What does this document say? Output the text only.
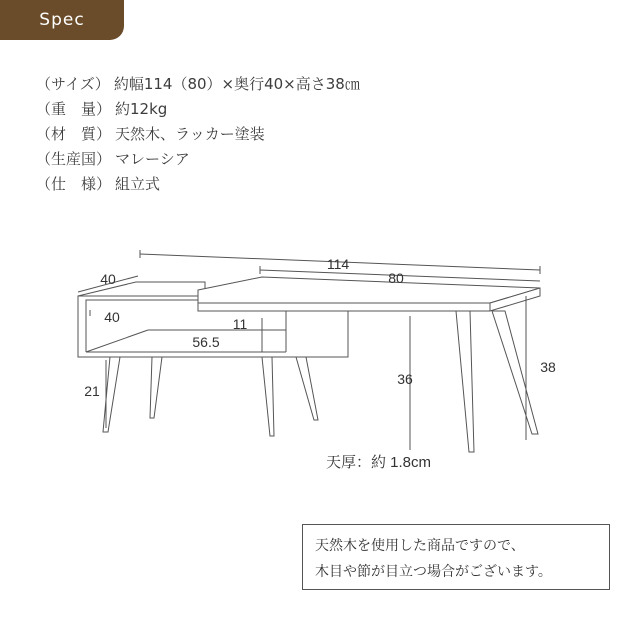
Spec
（サイズ） 約幅114（80）×奥行40×高さ38㎝
（重　量） 約12kg
（材　質） 天然木、ラッカー塗装
（生産国） マレーシア
（仕　様） 組立式
114
80
40
40	11
56.5
21
36
38
天厚：約 1.8cm
天然木を使用した商品ですので、
木目や節が目立つ場合がございます。
